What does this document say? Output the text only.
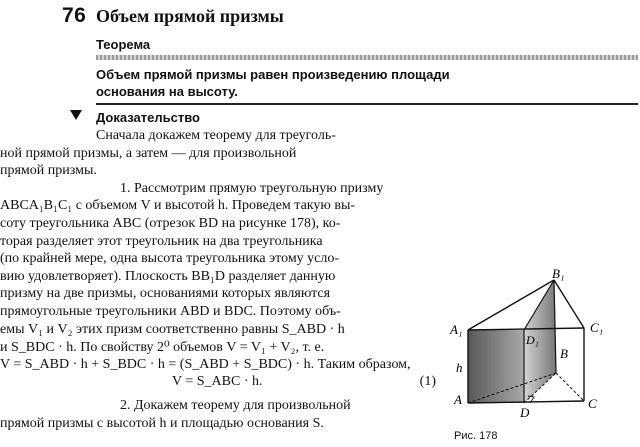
76 Объем прямой призмы
Теорема
Объем прямой призмы равен произведению площади
основания на высоту.
Доказательство
Сначала докажем теорему для треуголь-
ной прямой призмы, а затем — для произвольной
прямой призмы.
1. Рассмотрим прямую треугольную призму
ABCA₁B₁C₁ с объемом V и высотой h. Проведем такую вы-
соту треугольника ABC (отрезок BD на рисунке 178), ко-
торая разделяет этот треугольник на два треугольника
(по крайней мере, одна высота треугольника этому усло-
вию удовлетворяет). Плоскость BB₁D разделяет данную
призму на две призмы, основаниями которых являются
прямоугольные треугольники ABD и BDC. Поэтому объ-
емы V₁ и V₂ этих призм соответственно равны S_ABD · h
и S_BDC · h. По свойству 2⁰ объемов V = V₁ + V₂, т. е.
V = S_ABD · h + S_BDC · h = (S_ABD + S_BDC) · h. Таким образом,
V = S_ABC · h.	(1)
2. Докажем теорему для произвольной
прямой призмы с высотой h и площадью основания S.
B₁
A₁	C₁
D₁
B
h
A
D
C
Рис. 178
